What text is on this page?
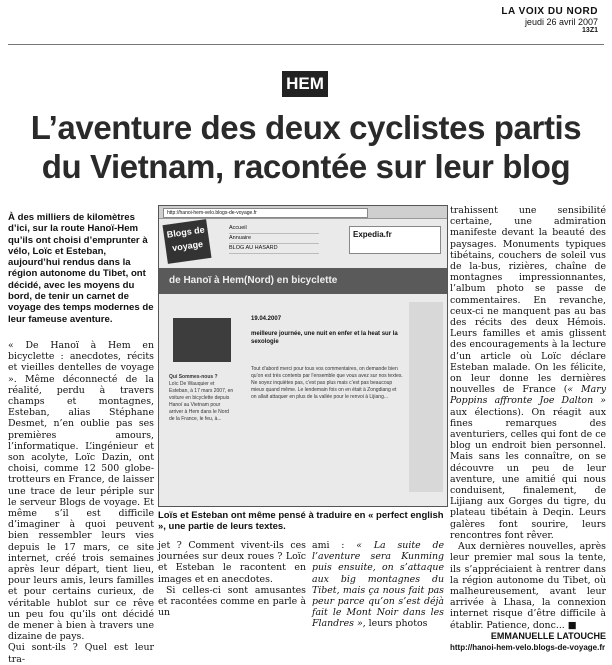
LA VOIX DU NORD
jeudi 26 avril 2007
13Z1
HEM
L’aventure des deux cyclistes partis du Vietnam, racontée sur leur blog
À des milliers de kilomètres d’ici, sur la route Hanoï-Hem qu’ils ont choisi d’emprunter à vélo, Loïc et Esteban, aujourd’hui rendus dans la région autonome du Tibet, ont décidé, avec les moyens du bord, de tenir un carnet de voyage des temps modernes de leur fameuse aventure.
« De Hanoï à Hem en bicyclette : anecdotes, récits et vieilles dentelles de voyage ». Même déconnecté de la réalité, perdu à travers champs et montagnes, Esteban, alias Stéphane Desmet, n’en oublie pas ses premières amours, l’informatique. L’ingénieur et son acolyte, Loïc Dazin, ont choisi, comme 12 500 globe-trotteurs en France, de laisser une trace de leur périple sur le serveur Blogs de voyage. Et même s’il est difficile d’imaginer à quoi peuvent bien ressembler leurs vies depuis le 17 mars, ce site internet, créé trois semaines après leur départ, tient lieu, pour leurs amis, leurs familles et pour certains curieux, de véritable hublot sur ce rêve un peu fou qu’ils ont décidé de mener à bien à travers une dizaine de pays.
Qui sont-ils ? Quel est leur tra-
http://hanoi-hem-velo.blogs-de-voyage.fr
Blogs de voyage
Accueil
Annuaire
BLOG AU HASARD
Expedia.fr
de Hanoï à Hem(Nord) en bicyclette
Qui Sommes-nous ?
Loïc De Wauquier et Esteban, à 17 mars 2007, en voiture en bicyclette depuis Hanoï au Vietnam pour arriver à Hem dans le Nord de la France, le feu, à...
19.04.2007
meilleure journée, une nuit en enfer et la heat sur la sexologie
Tout d’abord merci pour tous vos commentaires, on demande bien qu’on est très contents par l’ensemble que vous avez sur nos textes. Ne soyez inquiètes pas, c’est pas plus mais c’est pas beaucoup mieux quand même. Le lendemain fois on en était à Zongdiang et on allait attaquer en plus de la vallée pour le renvoi à Lijiang...
Loïs et Esteban ont même pensé à traduire en « perfect english », une partie de leurs textes.
jet ? Comment vivent-ils ces journées sur deux roues ? Loïc et Esteban le racontent en images et en anecdotes.
Si celles-ci sont amusantes et racontées comme en parle à un
ami : « La suite de l’aventure sera Kunming puis ensuite, on s’attaque aux big montagnes du Tibet, mais ça nous fait pas peur parce qu’on s’est déjà fait le Mont Noir dans les Flandres », leurs photos
trahissent une sensibilité certaine, une admiration manifeste devant la beauté des paysages. Monuments typiques tibétains, couchers de soleil vus de la-bus, rizières, chaîne de montagnes impressionnantes, l’album photo se passe de commentaires. En revanche, ceux-ci ne manquent pas au bas des récits des deux Hémois. Leurs familles et amis glissent des encouragements à la lecture d’un article où Loïc déclare Esteban malade. On les félicite, on leur donne les dernières nouvelles de France (« Mary Poppins affronte Joe Dalton » aux élections). On réagit aux fines remarques des aventuriers, celles qui font de ce blog un endroit bien personnel. Mais sans les connaître, on se découvre un peu de leur aventure, une amitié qui nous conduisent, finalement, de Lijiang aux Gorges du tigre, du plateau tibétain à Deqin. Leurs galères font sourire, leurs rencontres font rêver.
Aux dernières nouvelles, après leur premier mal sous la tente, ils s’appréciaient à rentrer dans la région autonome du Tibet, où malheureusement, avant leur arrivée à Lhasa, la connexion internet risque d’être difficile à établir. Patience, donc... ■
EMMANUELLE LATOUCHE
http://hanoi-hem-velo.blogs-de-voyage.fr
